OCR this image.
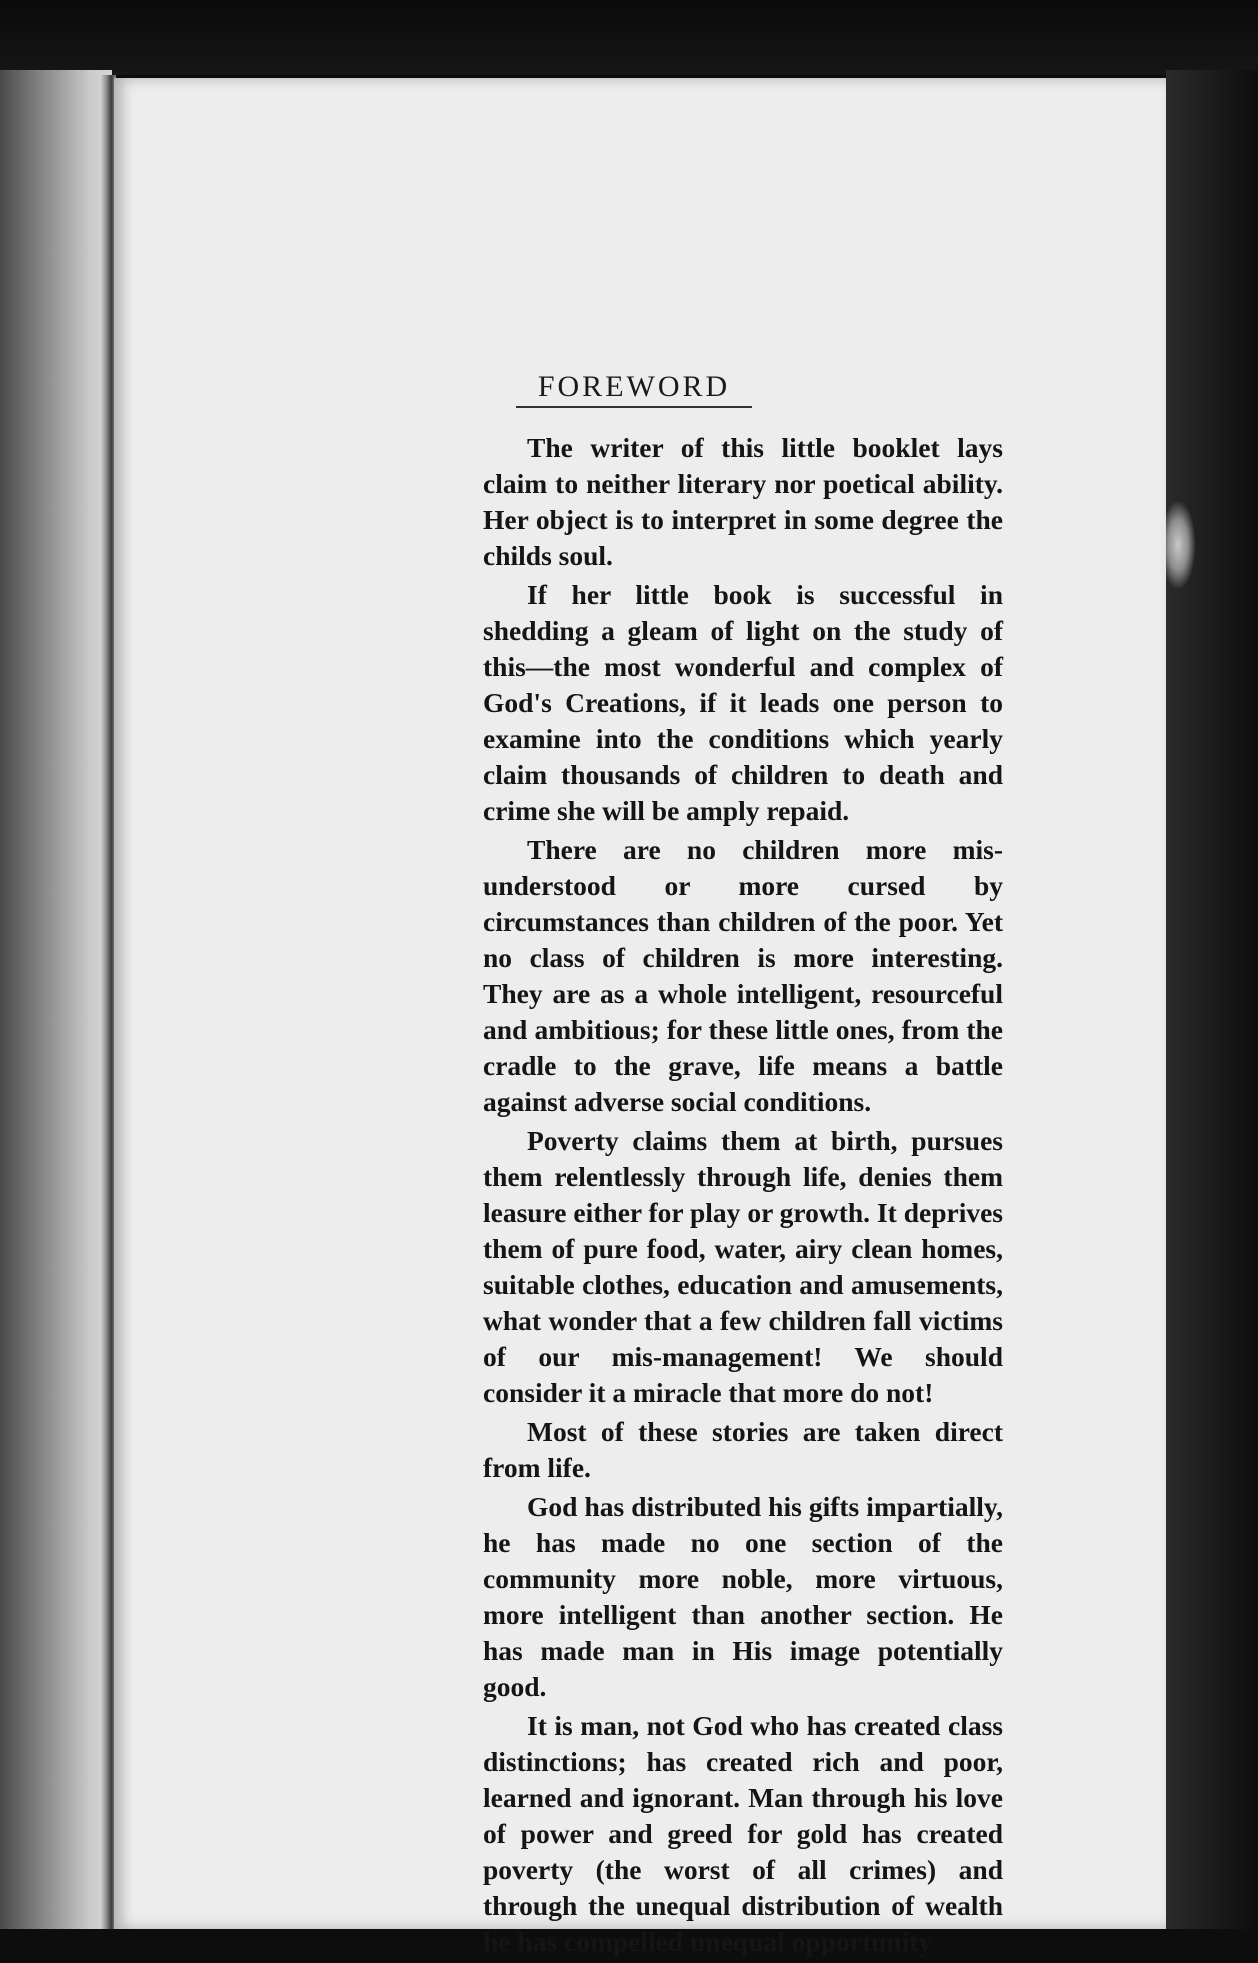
FOREWORD

The writer of this little booklet lays claim to neither literary nor poetical ability. Her object is to interpret in some degree the childs soul.

If her little book is successful in shedding a gleam of light on the study of this—the most wonderful and complex of God's Creations, if it leads one person to examine into the conditions which yearly claim thousands of children to death and crime she will be amply repaid.

There are no children more mis-understood or more cursed by circumstances than children of the poor. Yet no class of children is more interesting. They are as a whole intelligent, resourceful and ambitious; for these little ones, from the cradle to the grave, life means a battle against adverse social conditions.

Poverty claims them at birth, pursues them relentlessly through life, denies them leasure either for play or growth. It deprives them of pure food, water, airy clean homes, suitable clothes, education and amusements, what wonder that a few children fall victims of our mis-management! We should consider it a miracle that more do not!

Most of these stories are taken direct from life.

God has distributed his gifts impartially, he has made no one section of the community more noble, more virtuous, more intelligent than another section. He has made man in His image potentially good.

It is man, not God who has created class distinctions; has created rich and poor, learned and ignorant. Man through his love of power and greed for gold has created poverty (the worst of all crimes) and through the unequal distribution of wealth he has compelled unequal opportunity
